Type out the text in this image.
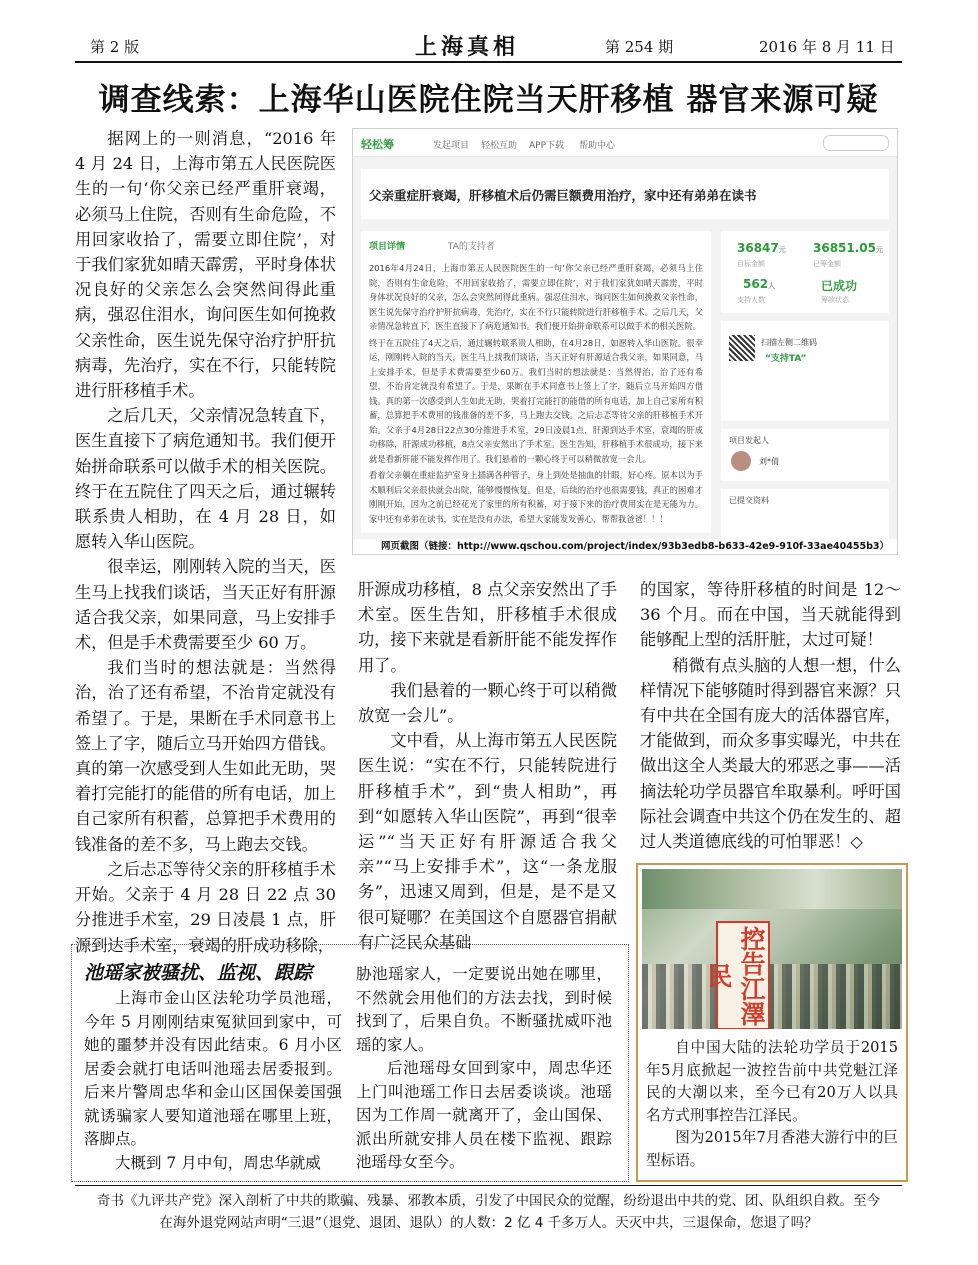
第 2 版	上海真相	第 254 期	2016 年 8 月 11 日
调查线索：上海华山医院住院当天肝移植 器官来源可疑

据网上的一则消息，“2016 年 4 月 24 日，上海市第五人民医院医生的一句‘你父亲已经严重肝衰竭，必须马上住院，否则有生命危险，不用回家收拾了，需要立即住院’，对于我们家犹如晴天霹雳，平时身体状况良好的父亲怎么会突然间得此重病，强忍住泪水，询问医生如何挽救父亲性命，医生说先保守治疗护肝抗病毒，先治疗，实在不行，只能转院进行肝移植手术。

之后几天，父亲情况急转直下，医生直接下了病危通知书。我们便开始拼命联系可以做手术的相关医院。终于在五院住了四天之后，通过辗转联系贵人相助，在 4 月 28 日，如愿转入华山医院。

很幸运，刚刚转入院的当天，医生马上找我们谈话，当天正好有肝源适合我父亲，如果同意，马上安排手术，但是手术费需要至少 60 万。

我们当时的想法就是：当然得治，治了还有希望，不治肯定就没有希望了。于是，果断在手术同意书上签上了字，随后立马开始四方借钱。真的第一次感受到人生如此无助，哭着打完能打的能借的所有电话，加上自己家所有积蓄，总算把手术费用的钱准备的差不多，马上跑去交钱。

之后忐忑等待父亲的肝移植手术开始。父亲于 4 月 28 日 22 点 30 分推进手术室，29 日凌晨 1 点，肝源到达手术室，衰竭的肝成功移除，

轻松筹	发起项目 轻松互助 APP下载 帮助中心
父亲重症肝衰竭，肝移植术后仍需巨额费用治疗，家中还有弟弟在读书
项目详情	TA的支持者

2016年4月24日，上海市第五人民医院医生的一句‘你父亲已经严重肝衰竭，必须马上住院，否则有生命危险，不用回家收拾了，需要立即住院’，对于我们家犹如晴天霹雳，平时身体状况良好的父亲，怎么会突然间得此重病。强忍住泪水，询问医生如何挽救父亲性命，医生说先保守治疗护肝抗病毒，先治疗，实在不行只能转院进行肝移植手术。之后几天，父亲情况急转直下，医生直接下了病危通知书。我们便开始拼命联系可以做手术的相关医院。

终于在五院住了4天之后，通过辗转联系贵人相助，在4月28日，如愿转入华山医院。很幸运，刚刚转入院的当天，医生马上找我们谈话，当天正好有肝源适合我父亲，如果同意，马上安排手术，但是手术费需要至少60万。我们当时的想法就是：当然得治，治了还有希望，不治肯定就没有希望了。于是，果断在手术同意书上签上了字，随后立马开始四方借钱。真的第一次感受到人生如此无助，哭着打完能打的能借的所有电话，加上自己家所有积蓄，总算把手术费用的钱准备的差不多，马上跑去交钱。之后忐忑等待父亲的肝移植手术开始。父亲于4月28日22点30分推进手术室，29日凌晨1点，肝源到达手术室，衰竭的肝成功移除，肝源成功移植，8点父亲安然出了手术室。医生告知，肝移植手术很成功，接下来就是看新肝能不能发挥作用了。我们悬着的一颗心终于可以稍微放宽一会儿。

看着父亲躺在重症监护室身上插满各种管子，身上到处是抽血的针眼，好心疼。原本以为手术顺利后父亲很快就会出院，能够慢慢恢复。但是，后续的治疗也很需要钱，真正的困难才刚刚开始，因为之前已经花光了家里的所有积蓄，对于接下来的治疗费用实在是无能为力。家中还有弟弟在读书，实在是没有办法，希望大家能发发善心，帮帮我爸爸！！！

36847元
目标金额
36851.05元
已筹金额
562人
支持人数
已成功
筹款状态
扫描左侧二维码
“支持TA”
项目发起人
刘*倩
已提交资料
网页截图（链接：http://www.qschou.com/project/index/93b3edb8-b633-42e9-910f-33ae40455b3）

肝源成功移植，8 点父亲安然出了手术室。医生告知，肝移植手术很成功，接下来就是看新肝能不能发挥作用了。

我们悬着的一颗心终于可以稍微放宽一会儿”。

文中看，从上海市第五人民医院医生说：“实在不行，只能转院进行肝移植手术”，到“贵人相助”，再到“如愿转入华山医院”，再到“很幸运”“当天正好有肝源适合我父亲”“马上安排手术”，这“一条龙服务”，迅速又周到，但是，是不是又很可疑哪？在美国这个自愿器官捐献有广泛民众基础

的国家，等待肝移植的时间是 12～36 个月。而在中国，当天就能得到能够配上型的活肝脏，太过可疑！

稍微有点头脑的人想一想，什么样情况下能够随时得到器官来源？只有中共在全国有庞大的活体器官库，才能做到，而众多事实曝光，中共在做出这全人类最大的邪恶之事——活摘法轮功学员器官牟取暴利。呼吁国际社会调查中共这个仍在发生的、超过人类道德底线的可怕罪恶！◇

池瑶家被骚扰、监视、跟踪

上海市金山区法轮功学员池瑶，今年 5 月刚刚结束冤狱回到家中，可她的噩梦并没有因此结束。6 月小区居委会就打电话叫池瑶去居委报到。后来片警周忠华和金山区国保姜国强就诱骗家人要知道池瑶在哪里上班，落脚点。

大概到 7 月中旬，周忠华就威

胁池瑶家人，一定要说出她在哪里，不然就会用他们的方法去找，到时候找到了，后果自负。不断骚扰威吓池瑶的家人。

后池瑶母女回到家中，周忠华还上门叫池瑶工作日去居委谈谈。池瑶因为工作周一就离开了，金山国保、派出所就安排人员在楼下监视、跟踪池瑶母女至今。

控告江澤民

自中国大陆的法轮功学员于2015年5月底掀起一波控告前中共党魁江泽民的大潮以来，至今已有20万人以具名方式刑事控告江泽民。

图为2015年7月香港大游行中的巨型标语。

奇书《九评共产党》深入剖析了中共的欺骗、残暴、邪教本质，引发了中国民众的觉醒，纷纷退出中共的党、团、队组织自救。至今
在海外退党网站声明“三退”（退党、退团、退队）的人数：2 亿 4 千多万人。天灭中共，三退保命，您退了吗？
